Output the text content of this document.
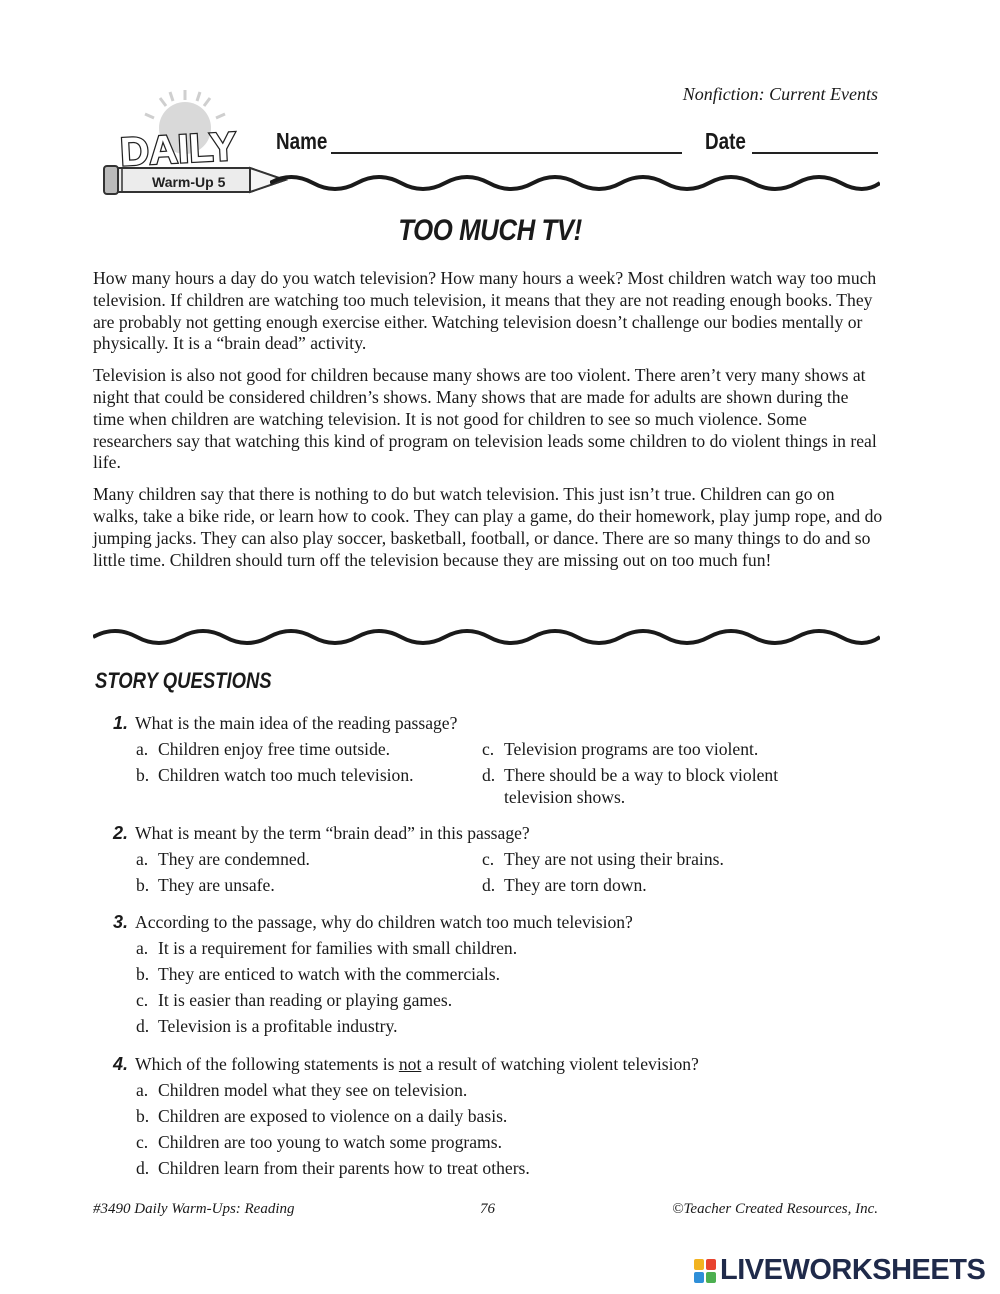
Nonfiction: Current Events
DAILY
Warm-Up 5
Name	Date
TOO MUCH TV!

How many hours a day do you watch television? How many hours a week? Most children watch way too much television. If children are watching too much television, it means that they are not reading enough books. They are probably not getting enough exercise either. Watching television doesn’t challenge our bodies mentally or physically. It is a “brain dead” activity.

Television is also not good for children because many shows are too violent. There aren’t very many shows at night that could be considered children’s shows. Many shows that are made for adults are shown during the time when children are watching television. It is not good for children to see so much violence. Some researchers say that watching this kind of program on television leads some children to do violent things in real life.

Many children say that there is nothing to do but watch television. This just isn’t true. Children can go on walks, take a bike ride, or learn how to cook. They can play a game, do their homework, play jump rope, and do jumping jacks. They can also play soccer, basketball, football, or dance. There are so many things to do and so little time. Children should turn off the television because they are missing out on too much fun!

STORY QUESTIONS
1. What is the main idea of the reading passage?
a. Children enjoy free time outside.	c. Television programs are too violent.
b. Children watch too much television.	d. There should be a way to block violent television shows.
2. What is meant by the term “brain dead” in this passage?
a. They are condemned.	c. They are not using their brains.
b. They are unsafe.	d. They are torn down.
3. According to the passage, why do children watch too much television?
a. It is a requirement for families with small children.
b. They are enticed to watch with the commercials.
c. It is easier than reading or playing games.
d. Television is a profitable industry.
4. Which of the following statements is not a result of watching violent television?
a. Children model what they see on television.
b. Children are exposed to violence on a daily basis.
c. Children are too young to watch some programs.
d. Children learn from their parents how to treat others.
#3490 Daily Warm-Ups: Reading	76	©Teacher Created Resources, Inc.
LIVEWORKSHEETS
